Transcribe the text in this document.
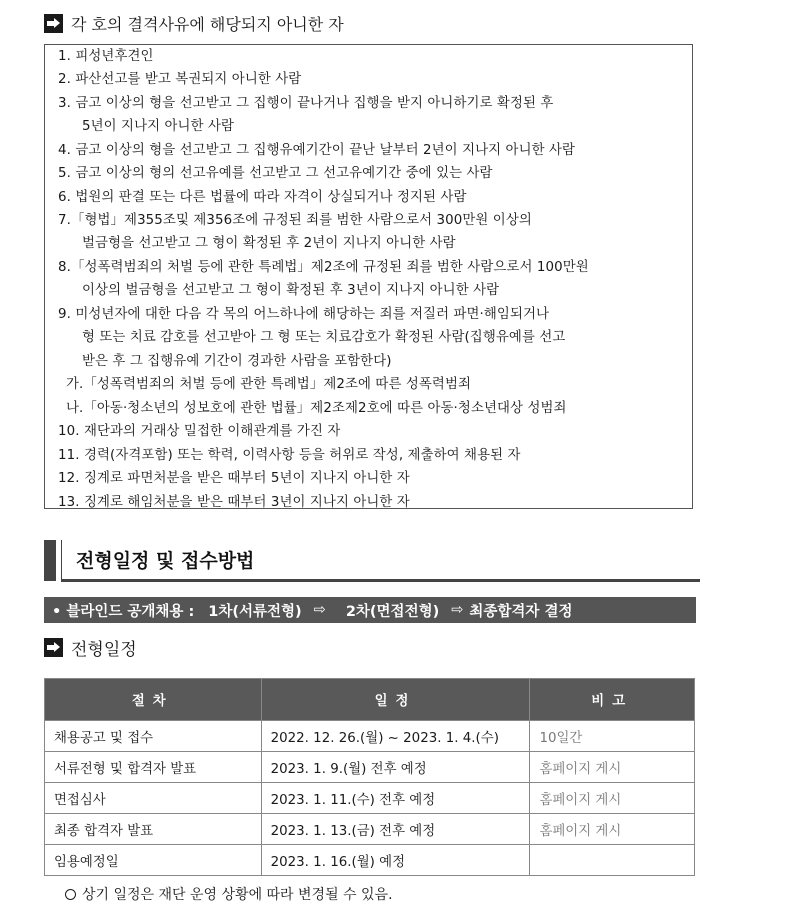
각 호의 결격사유에 해당되지 아니한 자
1. 피성년후견인
2. 파산선고를 받고 복권되지 아니한 사람
3. 금고 이상의 형을 선고받고 그 집행이 끝나거나 집행을 받지 아니하기로 확정된 후
5년이 지나지 아니한 사람
4. 금고 이상의 형을 선고받고 그 집행유예기간이 끝난 날부터 2년이 지나지 아니한 사람
5. 금고 이상의 형의 선고유예를 선고받고 그 선고유예기간 중에 있는 사람
6. 법원의 판결 또는 다른 법률에 따라 자격이 상실되거나 정지된 사람
7.「형법」제355조및 제356조에 규정된 죄를 범한 사람으로서 300만원 이상의
벌금형을 선고받고 그 형이 확정된 후 2년이 지나지 아니한 사람
8.「성폭력범죄의 처벌 등에 관한 특례법」제2조에 규정된 죄를 범한 사람으로서 100만원
이상의 벌금형을 선고받고 그 형이 확정된 후 3년이 지나지 아니한 사람
9. 미성년자에 대한 다음 각 목의 어느하나에 해당하는 죄를 저질러 파면·해임되거나
형 또는 치료 감호를 선고받아 그 형 또는 치료감호가 확정된 사람(집행유예를 선고
받은 후 그 집행유예 기간이 경과한 사람을 포함한다)
가.「성폭력범죄의 처벌 등에 관한 특례법」제2조에 따른 성폭력범죄
나.「아동·청소년의 성보호에 관한 법률」제2조제2호에 따른 아동·청소년대상 성범죄
10. 재단과의 거래상 밀접한 이해관계를 가진 자
11. 경력(자격포함) 또는 학력, 이력사항 등을 허위로 작성, 제출하여 채용된 자
12. 징계로 파면처분을 받은 때부터 5년이 지나지 아니한 자
13. 징계로 해임처분을 받은 때부터 3년이 지나지 아니한 자
전형일정 및 접수방법
• 블라인드 공개채용 : 1차(서류전형) ⇨ 2차(면접전형) ⇨ 최종합격자 결정
전형일정
절차	일정	비고
채용공고 및 접수	2022. 12. 26.(월) ~ 2023. 1. 4.(수)	10일간
서류전형 및 합격자 발표	2023. 1. 9.(월) 전후 예정	홈페이지 게시
면접심사	2023. 1. 11.(수) 전후 예정	홈페이지 게시
최종 합격자 발표	2023. 1. 13.(금) 전후 예정	홈페이지 게시
임용예정일	2023. 1. 16.(월) 예정	
상기 일정은 재단 운영 상황에 따라 변경될 수 있음.
